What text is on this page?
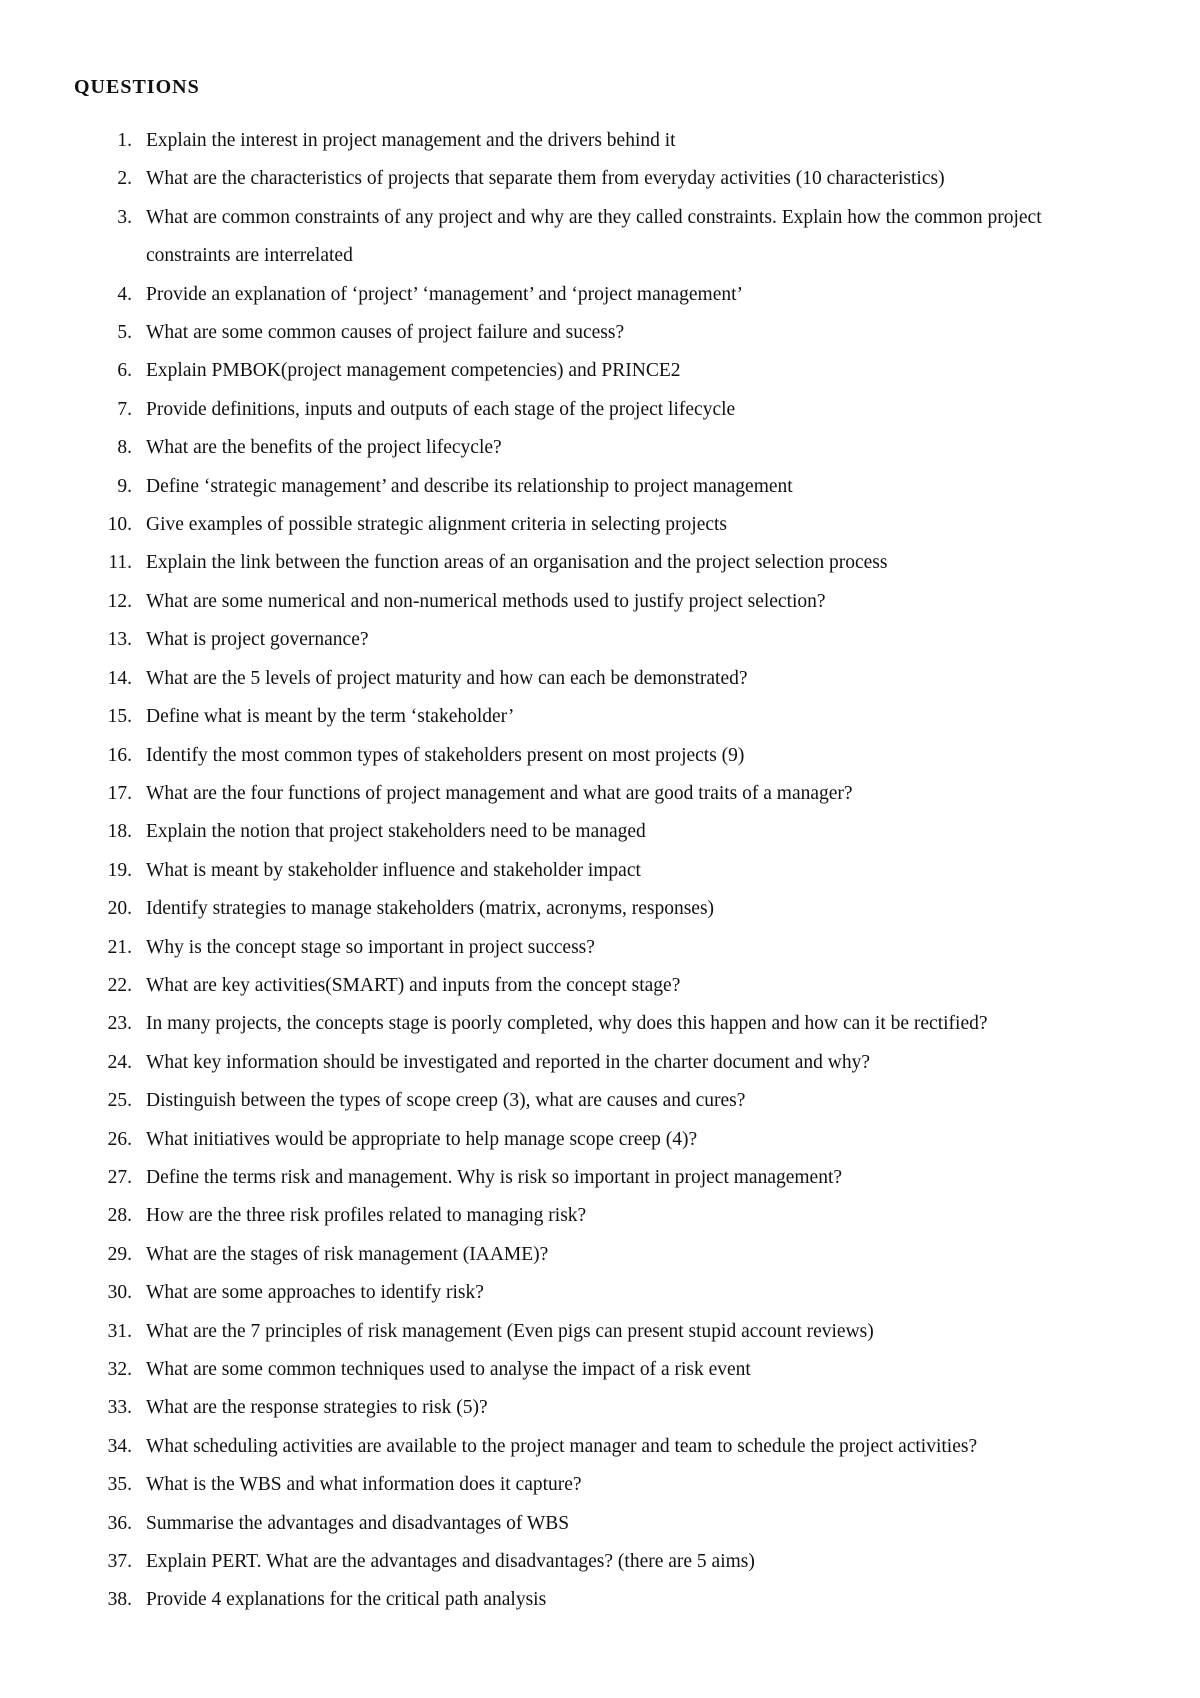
QUESTIONS
1. Explain the interest in project management and the drivers behind it
2. What are the characteristics of projects that separate them from everyday activities (10 characteristics)
3. What are common constraints of any project and why are they called constraints. Explain how the common project constraints are interrelated
4. Provide an explanation of ‘project’ ‘management’ and ‘project management’
5. What are some common causes of project failure and sucess?
6. Explain PMBOK(project management competencies) and PRINCE2
7. Provide definitions, inputs and outputs of each stage of the project lifecycle
8. What are the benefits of the project lifecycle?
9. Define ‘strategic management’ and describe its relationship to project management
10. Give examples of possible strategic alignment criteria in selecting projects
11. Explain the link between the function areas of an organisation and the project selection process
12. What are some numerical and non-numerical methods used to justify project selection?
13. What is project governance?
14. What are the 5 levels of project maturity and how can each be demonstrated?
15. Define what is meant by the term ‘stakeholder’
16. Identify the most common types of stakeholders present on most projects (9)
17. What are the four functions of project management and what are good traits of a manager?
18. Explain the notion that project stakeholders need to be managed
19. What is meant by stakeholder influence and stakeholder impact
20. Identify strategies to manage stakeholders (matrix, acronyms, responses)
21. Why is the concept stage so important in project success?
22. What are key activities(SMART) and inputs from the concept stage?
23. In many projects, the concepts stage is poorly completed, why does this happen and how can it be rectified?
24. What key information should be investigated and reported in the charter document and why?
25. Distinguish between the types of scope creep (3), what are causes and cures?
26. What initiatives would be appropriate to help manage scope creep (4)?
27. Define the terms risk and management. Why is risk so important in project management?
28. How are the three risk profiles related to managing risk?
29. What are the stages of risk management (IAAME)?
30. What are some approaches to identify risk?
31. What are the 7 principles of risk management (Even pigs can present stupid account reviews)
32. What are some common techniques used to analyse the impact of a risk event
33. What are the response strategies to risk (5)?
34. What scheduling activities are available to the project manager and team to schedule the project activities?
35. What is the WBS and what information does it capture?
36. Summarise the advantages and disadvantages of WBS
37. Explain PERT. What are the advantages and disadvantages? (there are 5 aims)
38. Provide 4 explanations for the critical path analysis
